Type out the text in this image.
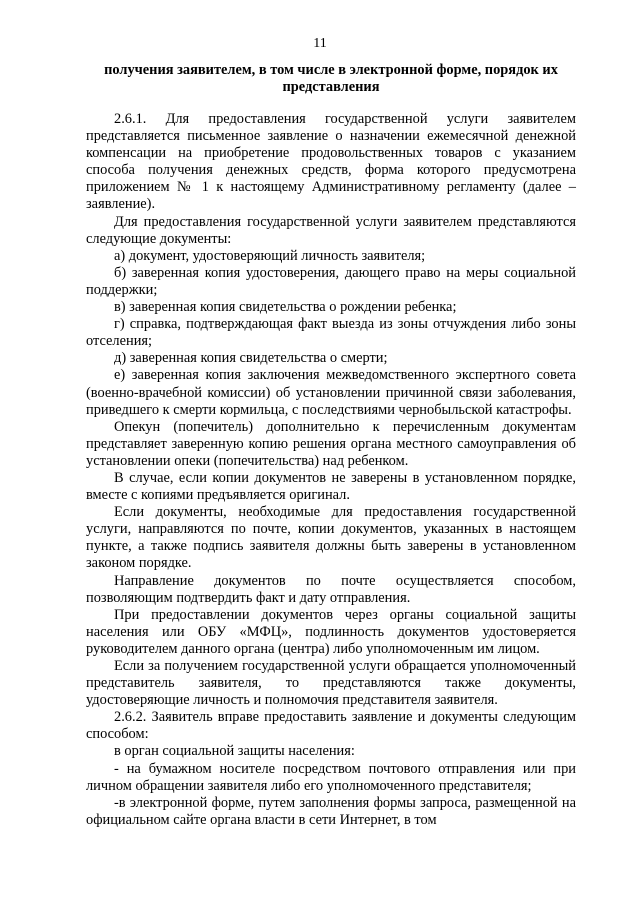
11
получения заявителем, в том числе в электронной форме, порядок их представления

2.6.1. Для предоставления государственной услуги заявителем представляется письменное заявление о назначении ежемесячной денежной компенсации на приобретение продовольственных товаров с указанием способа получения денежных средств, форма которого предусмотрена приложением № 1 к настоящему Административному регламенту (далее – заявление).

Для предоставления государственной услуги заявителем представляются следующие документы:

а) документ, удостоверяющий личность заявителя;

б) заверенная копия удостоверения, дающего право на меры социальной поддержки;

в) заверенная копия свидетельства о рождении ребенка;

г) справка, подтверждающая факт выезда из зоны отчуждения либо зоны отселения;

д) заверенная копия свидетельства о смерти;

е) заверенная копия заключения межведомственного экспертного совета (военно-врачебной комиссии) об установлении причинной связи заболевания, приведшего к смерти кормильца, с последствиями чернобыльской катастрофы.

Опекун (попечитель) дополнительно к перечисленным документам представляет заверенную копию решения органа местного самоуправления об установлении опеки (попечительства) над ребенком.

В случае, если копии документов не заверены в установленном порядке, вместе с копиями предъявляется оригинал.

Если документы, необходимые для предоставления государственной услуги, направляются по почте, копии документов, указанных в настоящем пункте, а также подпись заявителя должны быть заверены в установленном законом порядке.

Направление документов по почте осуществляется способом, позволяющим подтвердить факт и дату отправления.

При предоставлении документов через органы социальной защиты населения или ОБУ «МФЦ», подлинность документов удостоверяется руководителем данного органа (центра) либо уполномоченным им лицом.

Если за получением государственной услуги обращается уполномоченный представитель заявителя, то представляются также документы, удостоверяющие личность и полномочия представителя заявителя.

2.6.2. Заявитель вправе предоставить заявление и документы следующим способом:

в орган социальной защиты населения:

- на бумажном носителе посредством почтового отправления или при личном обращении заявителя либо его уполномоченного представителя;

-в электронной форме, путем заполнения формы запроса, размещенной на официальном сайте органа власти в сети Интернет, в том
